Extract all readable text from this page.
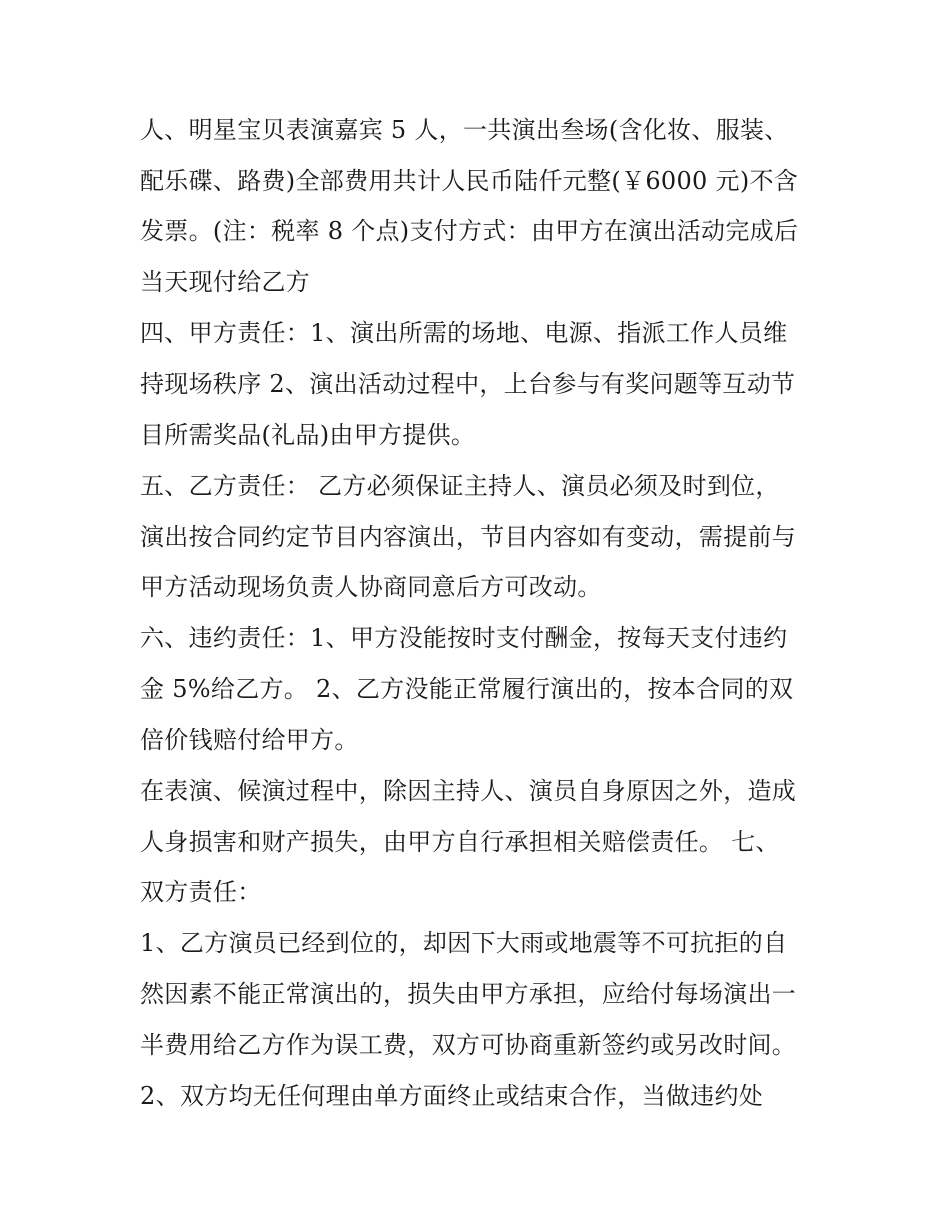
人、明星宝贝表演嘉宾 5 人，一共演出叁场(含化妆、服装、
配乐碟、路费)全部费用共计人民币陆仟元整(￥6000 元)不含
发票。(注：税率 8 个点)支付方式：由甲方在演出活动完成后
当天现付给乙方
四、甲方责任：1、演出所需的场地、电源、指派工作人员维
持现场秩序 2、演出活动过程中，上台参与有奖问题等互动节
目所需奖品(礼品)由甲方提供。
五、乙方责任： 乙方必须保证主持人、演员必须及时到位，
演出按合同约定节目内容演出，节目内容如有变动，需提前与
甲方活动现场负责人协商同意后方可改动。
六、违约责任：1、甲方没能按时支付酬金，按每天支付违约
金 5%给乙方。 2、乙方没能正常履行演出的，按本合同的双
倍价钱赔付给甲方。
在表演、候演过程中，除因主持人、演员自身原因之外，造成
人身损害和财产损失，由甲方自行承担相关赔偿责任。 七、
双方责任：
1、乙方演员已经到位的，却因下大雨或地震等不可抗拒的自
然因素不能正常演出的，损失由甲方承担，应给付每场演出一
半费用给乙方作为误工费，双方可协商重新签约或另改时间。
2、双方均无任何理由单方面终止或结束合作，当做违约处
